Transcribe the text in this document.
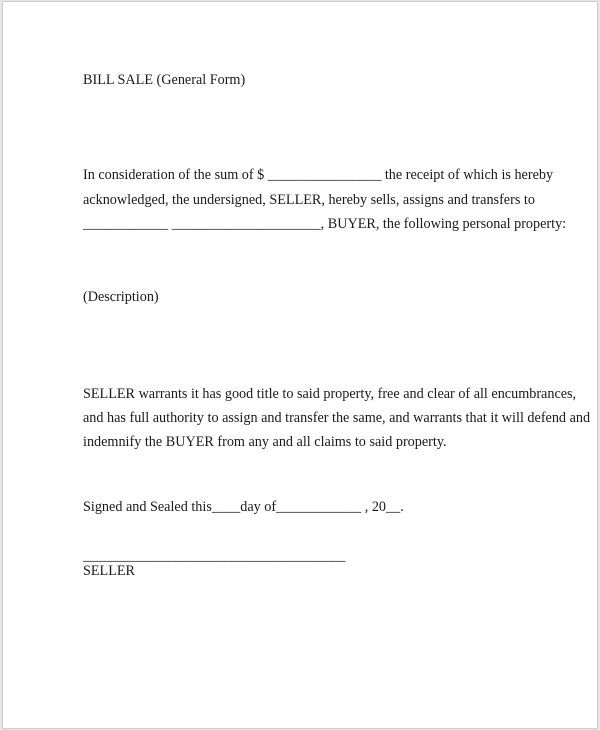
BILL SALE (General Form)
In consideration of the sum of $ ________________ the receipt of which is hereby
acknowledged, the undersigned, SELLER, hereby sells, assigns and transfers to
____________ _____________________, BUYER, the following personal property:
(Description)
SELLER warrants it has good title to said property, free and clear of all encumbrances,
and has full authority to assign and transfer the same, and warrants that it will defend and
indemnify the BUYER from any and all claims to said property.
Signed and Sealed this____day of____________ , 20__.
_____________________________________
SELLER
